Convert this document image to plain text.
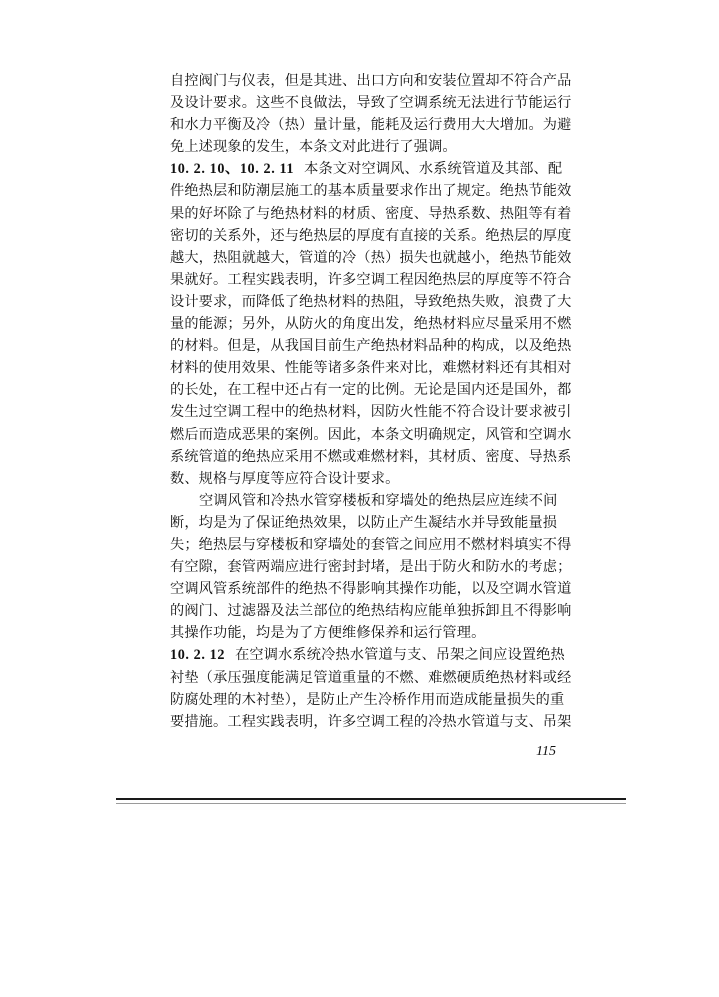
自控阀门与仪表，但是其进、出口方向和安装位置却不符合产品
及设计要求。这些不良做法，导致了空调系统无法进行节能运行
和水力平衡及冷（热）量计量，能耗及运行费用大大增加。为避
免上述现象的发生，本条文对此进行了强调。
10. 2. 10、10. 2. 11 本条文对空调风、水系统管道及其部、配
件绝热层和防潮层施工的基本质量要求作出了规定。绝热节能效
果的好坏除了与绝热材料的材质、密度、导热系数、热阻等有着
密切的关系外，还与绝热层的厚度有直接的关系。绝热层的厚度
越大，热阻就越大，管道的冷（热）损失也就越小，绝热节能效
果就好。工程实践表明，许多空调工程因绝热层的厚度等不符合
设计要求，而降低了绝热材料的热阻，导致绝热失败，浪费了大
量的能源；另外，从防火的角度出发，绝热材料应尽量采用不燃
的材料。但是，从我国目前生产绝热材料品种的构成，以及绝热
材料的使用效果、性能等诸多条件来对比，难燃材料还有其相对
的长处，在工程中还占有一定的比例。无论是国内还是国外，都
发生过空调工程中的绝热材料，因防火性能不符合设计要求被引
燃后而造成恶果的案例。因此，本条文明确规定，风管和空调水
系统管道的绝热应采用不燃或难燃材料，其材质、密度、导热系
数、规格与厚度等应符合设计要求。
空调风管和冷热水管穿楼板和穿墙处的绝热层应连续不间
断，均是为了保证绝热效果，以防止产生凝结水并导致能量损
失；绝热层与穿楼板和穿墙处的套管之间应用不燃材料填实不得
有空隙，套管两端应进行密封封堵，是出于防火和防水的考虑；
空调风管系统部件的绝热不得影响其操作功能，以及空调水管道
的阀门、过滤器及法兰部位的绝热结构应能单独拆卸且不得影响
其操作功能，均是为了方便维修保养和运行管理。
10. 2. 12 在空调水系统冷热水管道与支、吊架之间应设置绝热
衬垫（承压强度能满足管道重量的不燃、难燃硬质绝热材料或经
防腐处理的木衬垫），是防止产生冷桥作用而造成能量损失的重
要措施。工程实践表明，许多空调工程的冷热水管道与支、吊架
115
